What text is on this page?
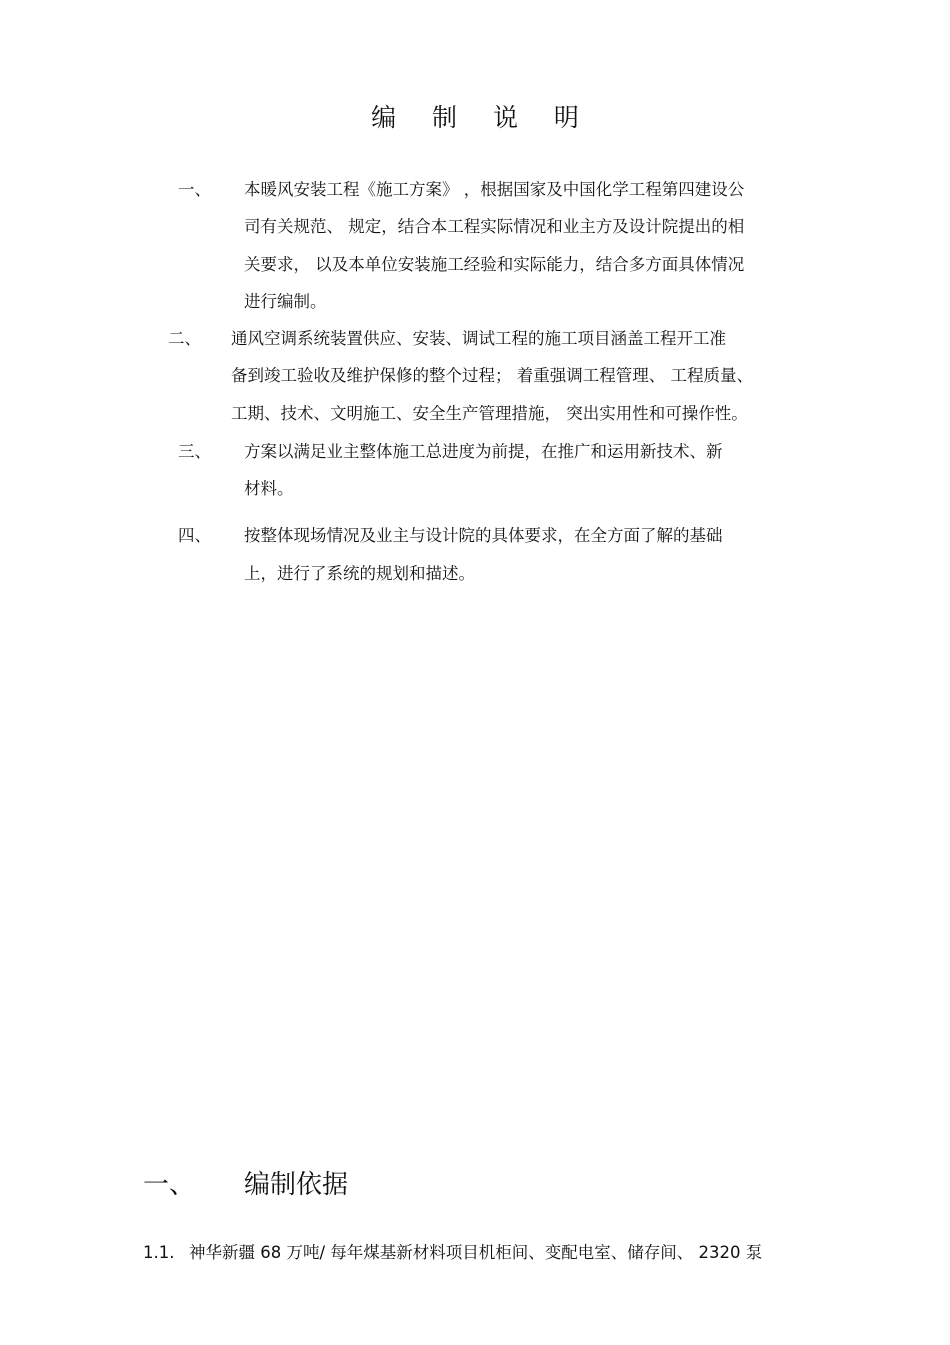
编 制 说 明
一、 本暖风安装工程《施工方案》 ，根据国家及中国化学工程第四建设公
司有关规范、 规定，结合本工程实际情况和业主方及设计院提出的相
关要求， 以及本单位安装施工经验和实际能力，结合多方面具体情况
进行编制。
二、 通风空调系统装置供应、安装、调试工程的施工项目涵盖工程开工准
备到竣工验收及维护保修的整个过程； 着重强调工程管理、 工程质量、
工期、技术、文明施工、安全生产管理措施， 突出实用性和可操作性。
三、 方案以满足业主整体施工总进度为前提，在推广和运用新技术、新
材料。
四、 按整体现场情况及业主与设计院的具体要求，在全方面了解的基础
上，进行了系统的规划和描述。
一、 编制依据
1.1. 神华新疆 68 万吨/ 每年煤基新材料项目机柜间、变配电室、储存间、 2320 泵
